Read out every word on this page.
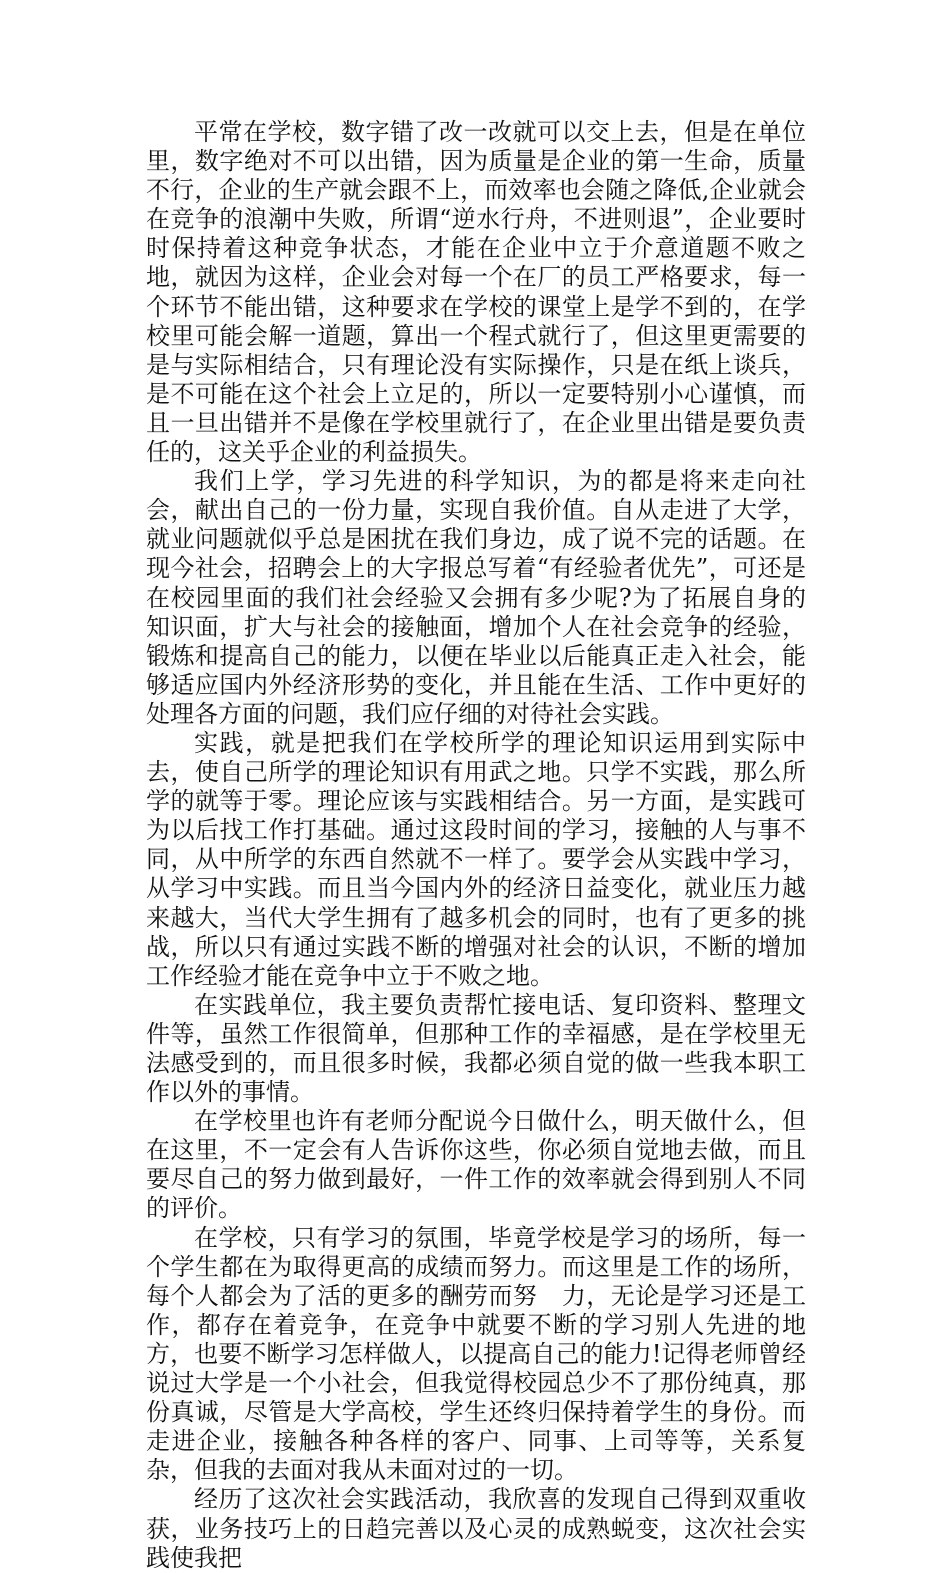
平常在学校，数字错了改一改就可以交上去，但是在单位里，数字绝对不可以出错，因为质量是企业的第一生命，质量不行，企业的生产就会跟不上，而效率也会随之降低,企业就会在竞争的浪潮中失败，所谓“逆水行舟，不进则退”，企业要时时保持着这种竞争状态，才能在企业中立于介意道题不败之地，就因为这样，企业会对每一个在厂的员工严格要求，每一个环节不能出错，这种要求在学校的课堂上是学不到的，在学校里可能会解一道题，算出一个程式就行了，但这里更需要的是与实际相结合，只有理论没有实际操作，只是在纸上谈兵，是不可能在这个社会上立足的，所以一定要特别小心谨慎，而且一旦出错并不是像在学校里就行了，在企业里出错是要负责任的，这关乎企业的利益损失。

我们上学，学习先进的科学知识，为的都是将来走向社会，献出自己的一份力量，实现自我价值。自从走进了大学，就业问题就似乎总是困扰在我们身边，成了说不完的话题。在现今社会，招聘会上的大字报总写着“有经验者优先”，可还是在校园里面的我们社会经验又会拥有多少呢?为了拓展自身的知识面，扩大与社会的接触面，增加个人在社会竞争的经验，锻炼和提高自己的能力，以便在毕业以后能真正走入社会，能够适应国内外经济形势的变化，并且能在生活、工作中更好的处理各方面的问题，我们应仔细的对待社会实践。

实践，就是把我们在学校所学的理论知识运用到实际中去，使自己所学的理论知识有用武之地。只学不实践，那么所学的就等于零。理论应该与实践相结合。另一方面，是实践可为以后找工作打基础。通过这段时间的学习，接触的人与事不同，从中所学的东西自然就不一样了。要学会从实践中学习，从学习中实践。而且当今国内外的经济日益变化，就业压力越来越大，当代大学生拥有了越多机会的同时，也有了更多的挑战，所以只有通过实践不断的增强对社会的认识，不断的增加工作经验才能在竞争中立于不败之地。

在实践单位，我主要负责帮忙接电话、复印资料、整理文件等，虽然工作很简单，但那种工作的幸福感，是在学校里无法感受到的，而且很多时候，我都必须自觉的做一些我本职工作以外的事情。

在学校里也许有老师分配说今日做什么，明天做什么，但在这里，不一定会有人告诉你这些，你必须自觉地去做，而且要尽自己的努力做到最好，一件工作的效率就会得到别人不同的评价。

在学校，只有学习的氛围，毕竟学校是学习的场所，每一个学生都在为取得更高的成绩而努力。而这里是工作的场所，每个人都会为了活的更多的酬劳而努　力，无论是学习还是工作，都存在着竞争，在竞争中就要不断的学习别人先进的地方，也要不断学习怎样做人，以提高自己的能力!记得老师曾经说过大学是一个小社会，但我觉得校园总少不了那份纯真，那份真诚，尽管是大学高校，学生还终归保持着学生的身份。而走进企业，接触各种各样的客户、同事、上司等等，关系复杂，但我的去面对我从未面对过的一切。

经历了这次社会实践活动，我欣喜的发现自己得到双重收获，业务技巧上的日趋完善以及心灵的成熟蜕变，这次社会实践使我把
